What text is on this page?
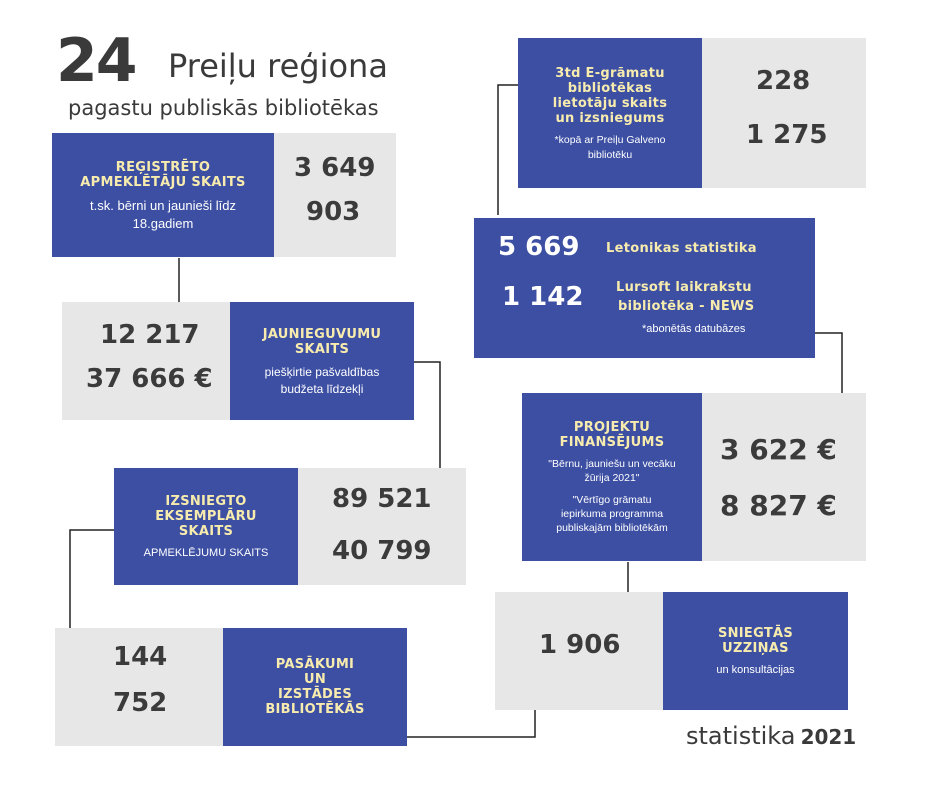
24 Preiļu reģiona
pagastu publiskās bibliotēkas
REĢISTRĒTO
APMEKLĒTĀJU SKAITS
t.sk. bērni un jaunieši līdz
18.gadiem
3 649
903
12 217
37 666 €
JAUNIEGUVUMU
SKAITS
piešķirtie pašvaldības
budžeta līdzekļi
IZSNIEGTO
EKSEMPLĀRU
SKAITS
APMEKLĒJUMU SKAITS
89 521
40 799
144
752
PASĀKUMI
UN
IZSTĀDES
BIBLIOTĒKĀS
3td E-grāmatu
bibliotēkas
lietotāju skaits
un izsniegums
*kopā ar Preiļu Galveno
bibliotēku
228
1 275
5 669
1 142
Letonikas statistika
Lursoft laikrakstu
bibliotēka - NEWS
*abonētās datubāzes
PROJEKTU
FINANSĒJUMS
"Bērnu, jauniešu un vecāku
žūrija 2021"
"Vērtīgo grāmatu
iepirkuma programma
publiskajām bibliotēkām
3 622 €
8 827 €
1 906	SNIEGTĀS
UZZIŅAS
un konsultācijas
statistika 2021
